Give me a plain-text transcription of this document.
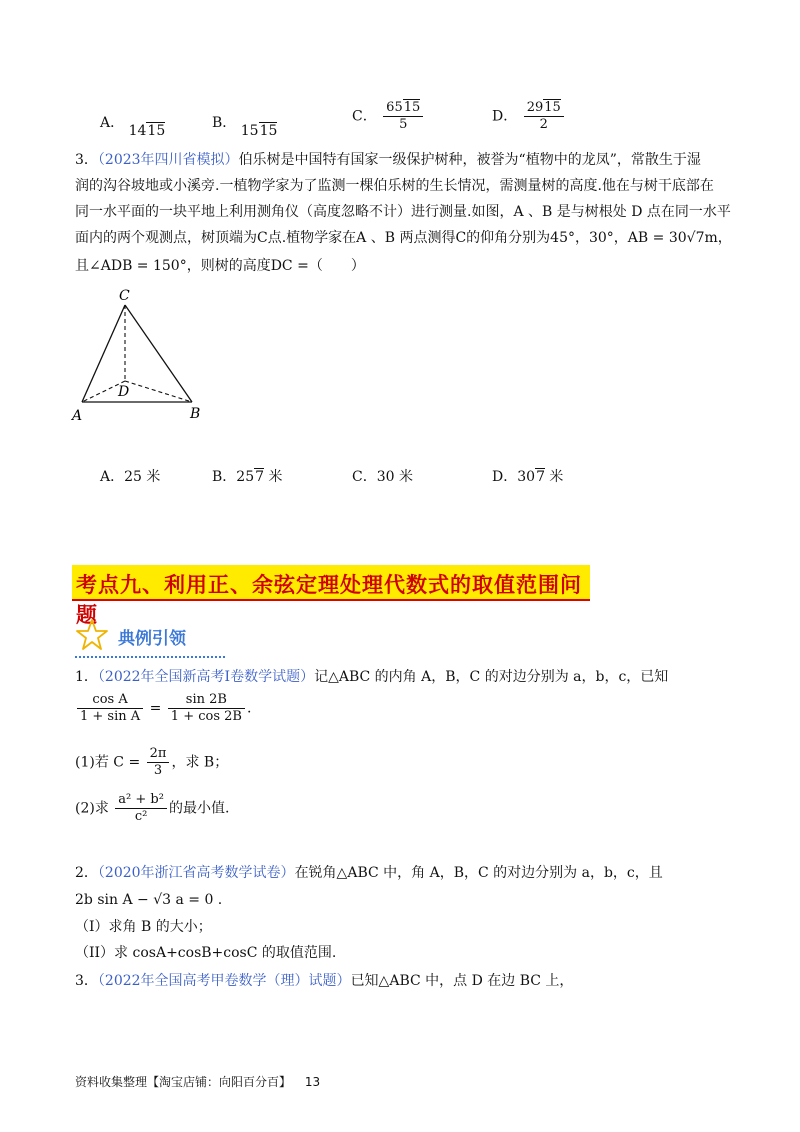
A． 1415	B． 1515
C． $\frac{6515}{5}$	D． $\frac{2915}{2}$
3．（2023年四川省模拟）伯乐树是中国特有国家一级保护树种，被誉为“植物中的龙凤”，常散生于湿
润的沟谷坡地或小溪旁.一植物学家为了监测一棵伯乐树的生长情况，需测量树的高度.他在与树干底部在
同一水平面的一块平地上利用测角仪（高度忽略不计）进行测量.如图，A 、B 是与树根处 D 点在同一水平
面内的两个观测点，树顶端为C点.植物学家在A 、B 两点测得C的仰角分别为45°，30°，AB = 30√7m，
且∠ADB = 150°，则树的高度DC =（　　）
C
D
A	B
A．25 米	B．257 米	C．30 米	D．307 米
考点九、利用正、余弦定理处理代数式的取值范围问题
典例引领
1．（2022年全国新高考Ⅰ卷数学试题）记△ABC 的内角 A，B，C 的对边分别为 a，b，c，已知
$\frac{\text{cos A}}{\text{1 + sin A}} = \frac{\sin 2B}{1 + \cos 2B}$ .
(1)若 $C = \frac{2\pi}{3}$ ，求 B；
(2)求 $\frac{\text{a² + b²}}{\text{c²}}$ 的最小值.
2．（2020年浙江省高考数学试卷）在锐角△ABC 中，角 A，B，C 的对边分别为 a，b，c，且
2b sin A − √3 a = 0 .
（I）求角 B 的大小；
（II）求 cosA+cosB+cosC 的取值范围.
3．（2022年全国高考甲卷数学（理）试题）已知△ABC 中，点 D 在边 BC 上，
资料收集整理【淘宝店铺：向阳百分百】 13
